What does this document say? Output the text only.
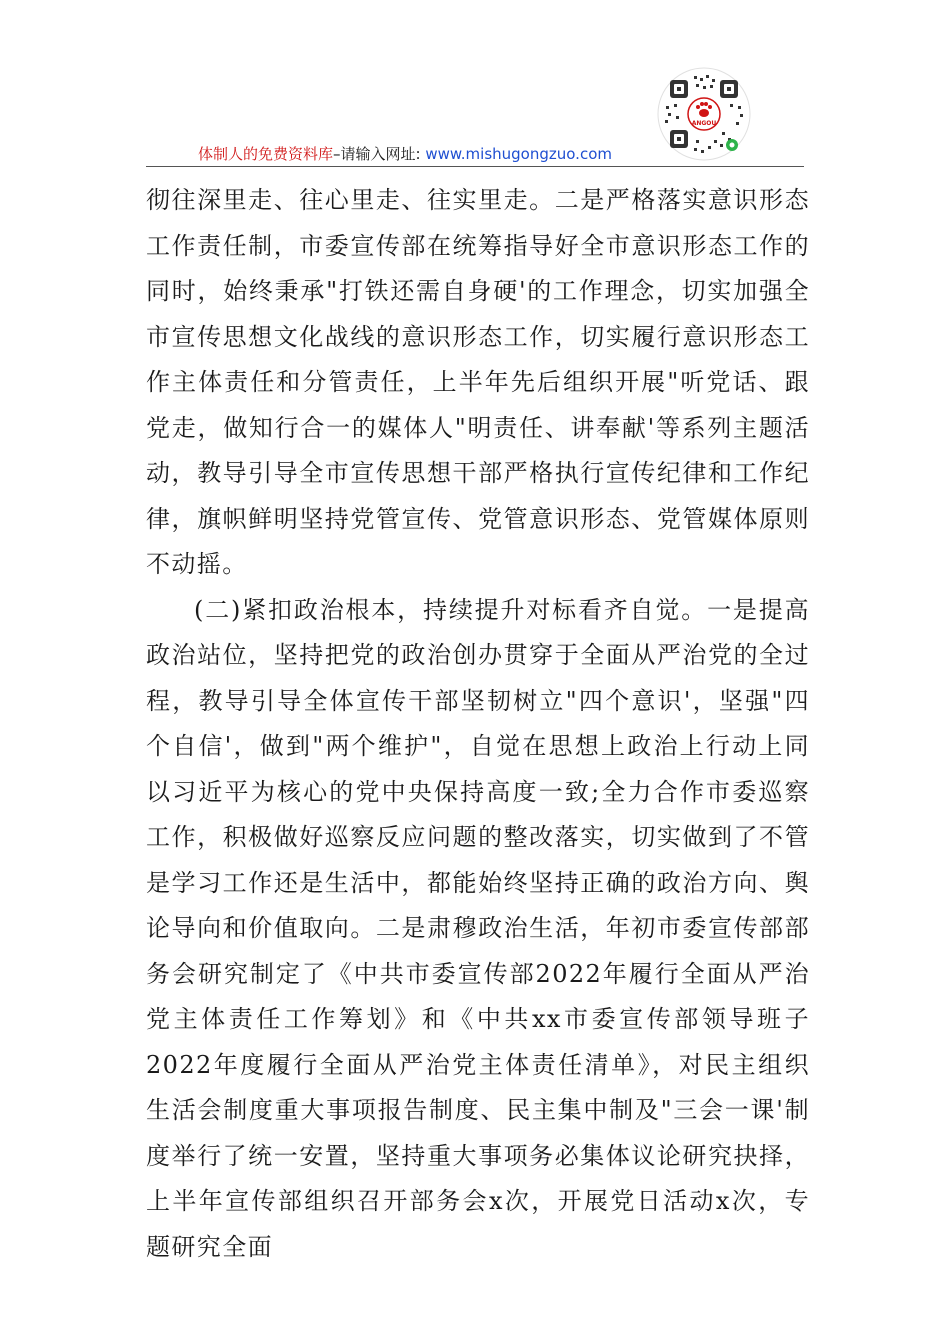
ANGOU
体制人的免费资料库–请输入网址: www.mishugongzuo.com

彻往深里走、往心里走、往实里走。二是严格落实意识形态工作责任制，市委宣传部在统筹指导好全市意识形态工作的同时，始终秉承"打铁还需自身硬'的工作理念，切实加强全市宣传思想文化战线的意识形态工作，切实履行意识形态工作主体责任和分管责任，上半年先后组织开展"听党话、跟党走，做知行合一的媒体人"明责任、讲奉献'等系列主题活动，教导引导全市宣传思想干部严格执行宣传纪律和工作纪律，旗帜鲜明坚持党管宣传、党管意识形态、党管媒体原则不动摇。

(二)紧扣政治根本，持续提升对标看齐自觉。一是提高政治站位，坚持把党的政治创办贯穿于全面从严治党的全过程，教导引导全体宣传干部坚韧树立"四个意识'，坚强"四个自信'，做到"两个维护"，自觉在思想上政治上行动上同以习近平为核心的党中央保持高度一致;全力合作市委巡察工作，积极做好巡察反应问题的整改落实，切实做到了不管是学习工作还是生活中，都能始终坚持正确的政治方向、舆论导向和价值取向。二是肃穆政治生活，年初市委宣传部部务会研究制定了《中共市委宣传部2022年履行全面从严治党主体责任工作筹划》和《中共xx市委宣传部领导班子2022年度履行全面从严治党主体责任清单》，对民主组织生活会制度重大事项报告制度、民主集中制及"三会一课'制度举行了统一安置，坚持重大事项务必集体议论研究抉择，上半年宣传部组织召开部务会x次，开展党日活动x次，专题研究全面
